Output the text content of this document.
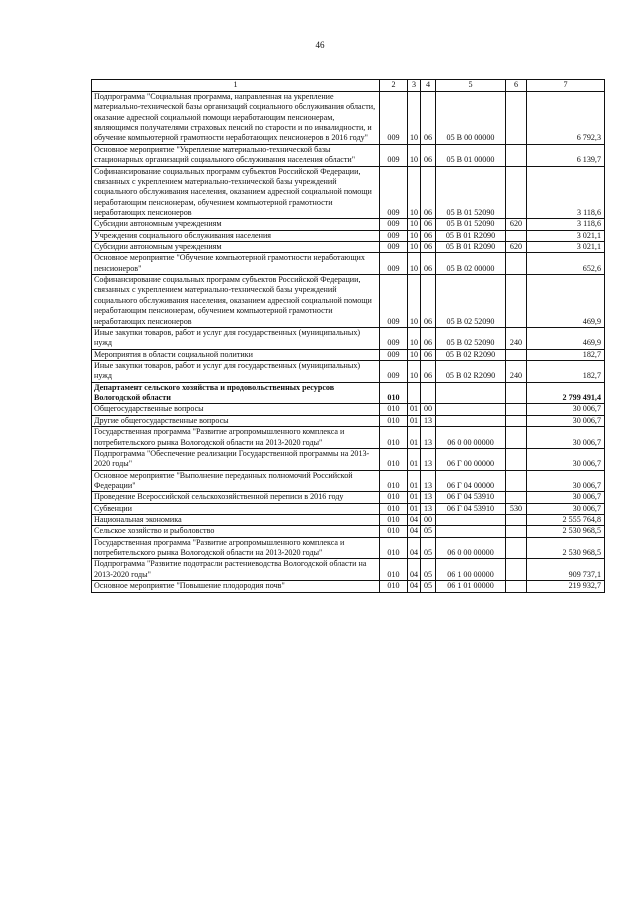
46
1	2	3	4	5	6	7
Подпрограмма "Социальная программа, направленная на укрепление материально-технической базы организаций социального обслуживания области, оказание адресной социальной помощи неработающим пенсионерам, являющимся получателями страховых пенсий по старости и по инвалидности, и обучение компьютерной грамотности неработающих пенсионеров в 2016 году"	009	10	06	05 В 00 00000		6 792,3
Основное мероприятие "Укрепление материально-технической базы стационарных организаций социального обслуживания населения области"	009	10	06	05 В 01 00000		6 139,7
Софинансирование социальных программ субъектов Российской Федерации, связанных с укреплением материально-технической базы учреждений социального обслуживания населения, оказанием адресной социальной помощи неработающим пенсионерам, обучением компьютерной грамотности неработающих пенсионеров	009	10	06	05 В 01 52090		3 118,6
Субсидии автономным учреждениям	009	10	06	05 В 01 52090	620	3 118,6
Учреждения социального обслуживания населения	009	10	06	05 В 01 R2090		3 021,1
Субсидии автономным учреждениям	009	10	06	05 В 01 R2090	620	3 021,1
Основное мероприятие "Обучение компьютерной грамотности неработающих пенсионеров"	009	10	06	05 В 02 00000		652,6
Софинансирование социальных программ субъектов Российской Федерации, связанных с укреплением материально-технической базы учреждений социального обслуживания населения, оказанием адресной социальной помощи неработающим пенсионерам, обучением компьютерной грамотности неработающих пенсионеров	009	10	06	05 В 02 52090		469,9
Иные закупки товаров, работ и услуг для государственных (муниципальных) нужд	009	10	06	05 В 02 52090	240	469,9
Мероприятия в области социальной политики	009	10	06	05 В 02 R2090		182,7
Иные закупки товаров, работ и услуг для государственных (муниципальных) нужд	009	10	06	05 В 02 R2090	240	182,7
Департамент сельского хозяйства и продовольственных ресурсов Вологодской области	010					2 799 491,4
Общегосударственные вопросы	010	01	00			30 006,7
Другие общегосударственные вопросы	010	01	13			30 006,7
Государственная программа "Развитие агропромышленного комплекса и потребительского рынка Вологодской области на 2013-2020 годы"	010	01	13	06 0 00 00000		30 006,7
Подпрограмма "Обеспечение реализации Государственной программы на 2013-2020 годы"	010	01	13	06 Г 00 00000		30 006,7
Основное мероприятие "Выполнение переданных полномочий Российской Федерации"	010	01	13	06 Г 04 00000		30 006,7
Проведение Всероссийской сельскохозяйственной переписи в 2016 году	010	01	13	06 Г 04 53910		30 006,7
Субвенции	010	01	13	06 Г 04 53910	530	30 006,7
Национальная экономика	010	04	00			2 555 764,8
Сельское хозяйство и рыболовство	010	04	05			2 530 968,5
Государственная программа "Развитие агропромышленного комплекса и потребительского рынка Вологодской области на 2013-2020 годы"	010	04	05	06 0 00 00000		2 530 968,5
Подпрограмма "Развитие подотрасли растениеводства Вологодской области на 2013-2020 годы"	010	04	05	06 1 00 00000		909 737,1
Основное мероприятие "Повышение плодородия почв"	010	04	05	06 1 01 00000		219 932,7
